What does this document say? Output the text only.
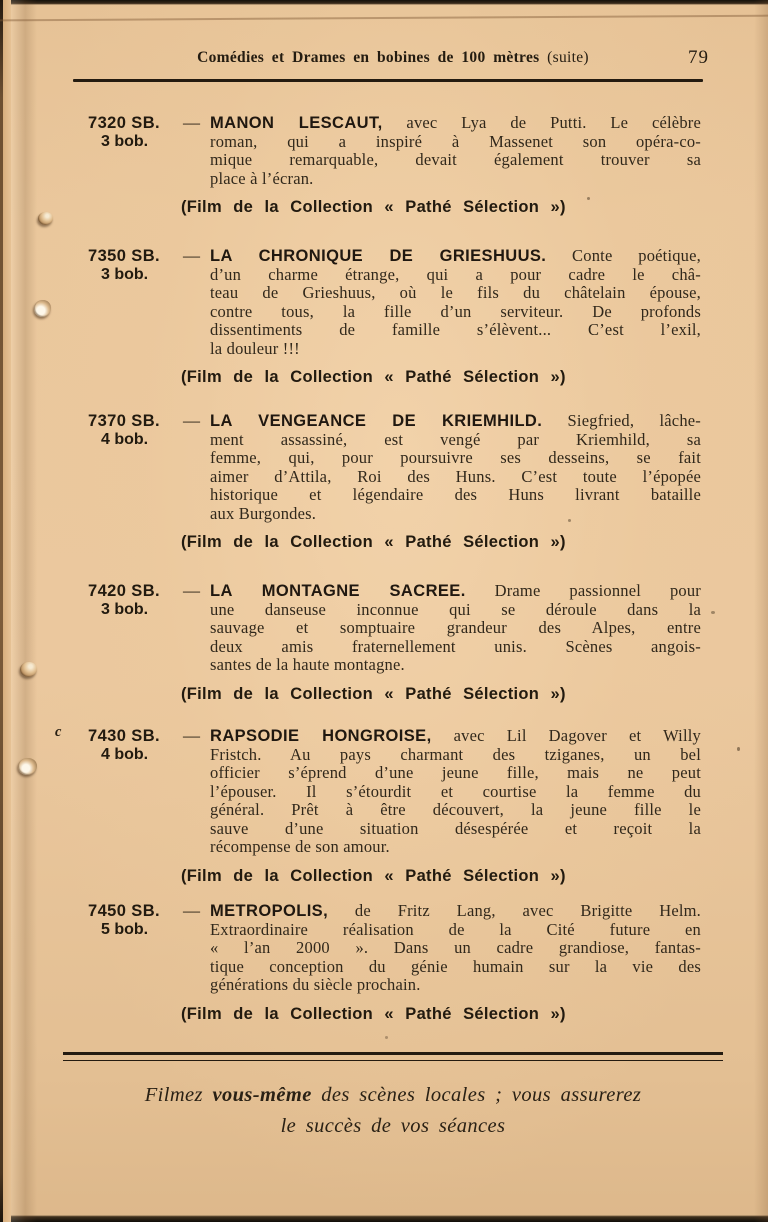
Comédies et Drames en bobines de 100 mètres (suite)	79
c
7320 SB.
3 bob.
— MANON LESCAUT, avec Lya de Putti. Le célèbre
roman, qui a inspiré à Massenet son opéra-co-
mique remarquable, devait également trouver sa
place à l’écran.
(Film de la Collection « Pathé Sélection »)
7350 SB.
3 bob.
— LA CHRONIQUE DE GRIESHUUS. Conte poétique,
d’un charme étrange, qui a pour cadre le châ-
teau de Grieshuus, où le fils du châtelain épouse,
contre tous, la fille d’un serviteur. De profonds
dissentiments de famille s’élèvent... C’est l’exil,
la douleur !!!
(Film de la Collection « Pathé Sélection »)
7370 SB.
4 bob.
— LA VENGEANCE DE KRIEMHILD. Siegfried, lâche-
ment assassiné, est vengé par Kriemhild, sa
femme, qui, pour poursuivre ses desseins, se fait
aimer d’Attila, Roi des Huns. C’est toute l’épopée
historique et légendaire des Huns livrant bataille
aux Burgondes.
(Film de la Collection « Pathé Sélection »)
7420 SB.
3 bob.
— LA MONTAGNE SACREE. Drame passionnel pour
une danseuse inconnue qui se déroule dans la
sauvage et somptuaire grandeur des Alpes, entre
deux amis fraternellement unis. Scènes angois-
santes de la haute montagne.
(Film de la Collection « Pathé Sélection »)
7430 SB.
4 bob.
— RAPSODIE HONGROISE, avec Lil Dagover et Willy
Fristch. Au pays charmant des tziganes, un bel
officier s’éprend d’une jeune fille, mais ne peut
l’épouser. Il s’étourdit et courtise la femme du
général. Prêt à être découvert, la jeune fille le
sauve d’une situation désespérée et reçoit la
récompense de son amour.
(Film de la Collection « Pathé Sélection »)
7450 SB.
5 bob.
— METROPOLIS, de Fritz Lang, avec Brigitte Helm.
Extraordinaire réalisation de la Cité future en
« l’an 2000 ». Dans un cadre grandiose, fantas-
tique conception du génie humain sur la vie des
générations du siècle prochain.
(Film de la Collection « Pathé Sélection »)
Filmez vous-même des scènes locales ; vous assurerez
le succès de vos séances
